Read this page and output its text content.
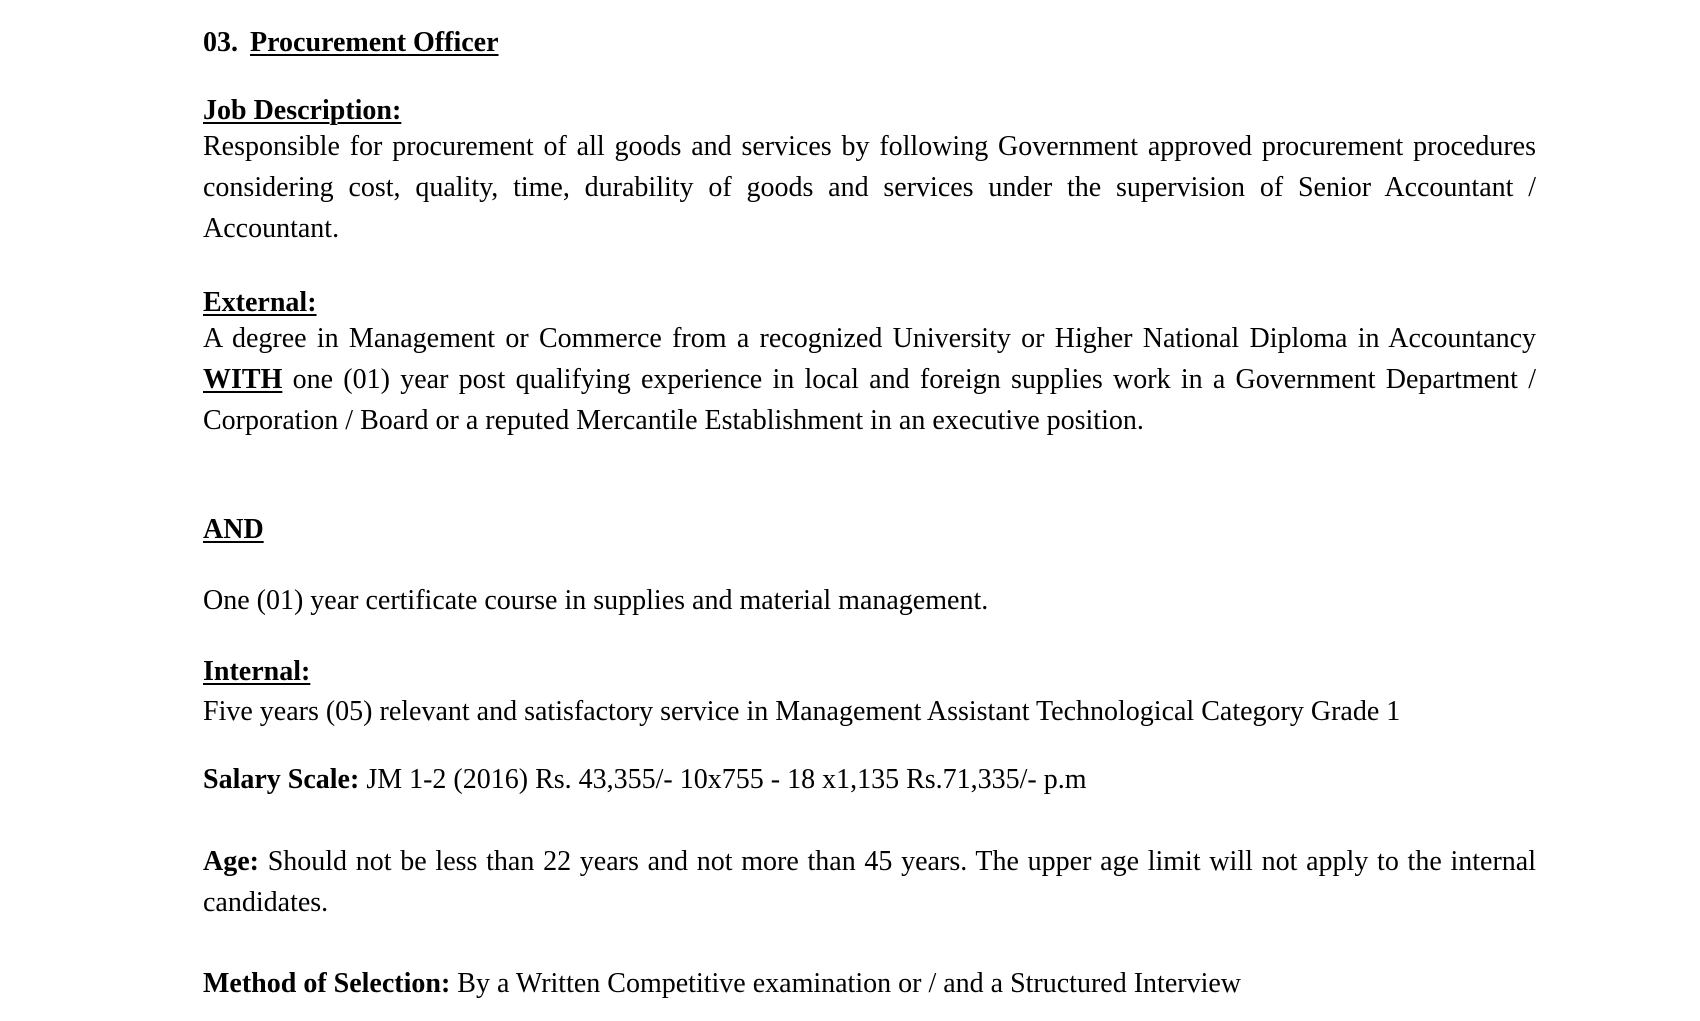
03. Procurement Officer

Job Description:

Responsible for procurement of all goods and services by following Government approved procurement procedures considering cost, quality, time, durability of goods and services under the supervision of Senior Accountant / Accountant.

External:

A degree in Management or Commerce from a recognized University or Higher National Diploma in Accountancy WITH one (01) year post qualifying experience in local and foreign supplies work in a Government Department / Corporation / Board or a reputed Mercantile Establishment in an executive position.

AND

One (01) year certificate course in supplies and material management.

Internal:

Five years (05) relevant and satisfactory service in Management Assistant Technological Category Grade 1

Salary Scale: JM 1-2 (2016) Rs. 43,355/- 10x755 - 18 x1,135 Rs.71,335/- p.m

Age: Should not be less than 22 years and not more than 45 years. The upper age limit will not apply to the internal candidates.

Method of Selection: By a Written Competitive examination or / and a Structured Interview
